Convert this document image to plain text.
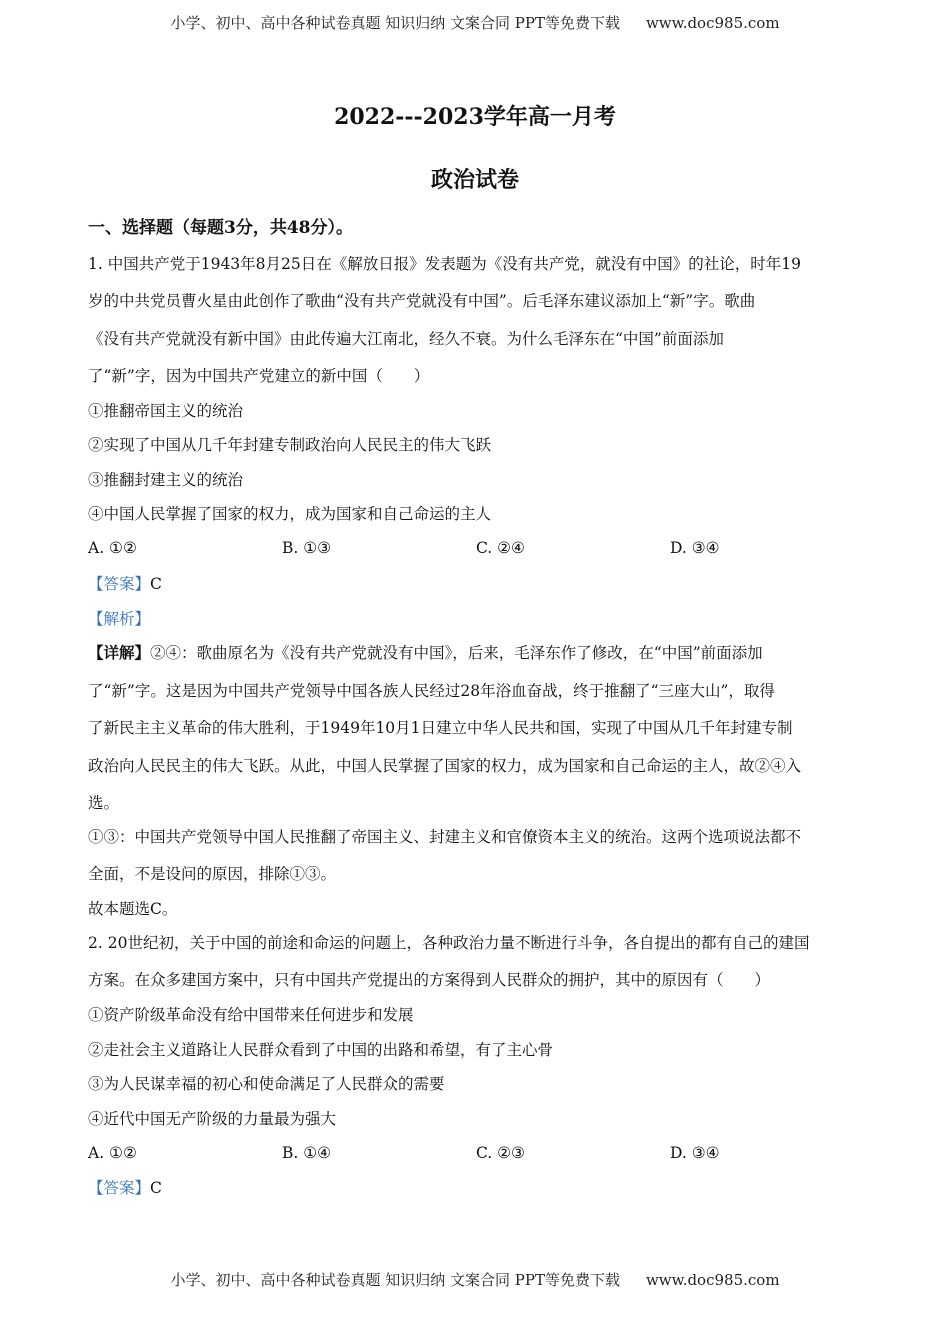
小学、初中、高中各种试卷真题 知识归纳 文案合同 PPT等免费下载 www.doc985.com
2022---2023学年高一月考
政治试卷
一、选择题（每题3分，共48分）。
1. 中国共产党于1943年8月25日在《解放日报》发表题为《没有共产党，就没有中国》的社论，时年19
岁的中共党员曹火星由此创作了歌曲“没有共产党就没有中国”。后毛泽东建议添加上“新”字。歌曲
《没有共产党就没有新中国》由此传遍大江南北，经久不衰。为什么毛泽东在“中国”前面添加
了“新”字，因为中国共产党建立的新中国（　　）
①推翻帝国主义的统治
②实现了中国从几千年封建专制政治向人民民主的伟大飞跃
③推翻封建主义的统治
④中国人民掌握了国家的权力，成为国家和自己命运的主人
A. ①②	B. ①③	C. ②④	D. ③④
【答案】C
【解析】
【详解】②④：歌曲原名为《没有共产党就没有中国》，后来，毛泽东作了修改，在“中国”前面添加
了“新”字。这是因为中国共产党领导中国各族人民经过28年浴血奋战，终于推翻了“三座大山”，取得
了新民主主义革命的伟大胜利，于1949年10月1日建立中华人民共和国，实现了中国从几千年封建专制
政治向人民民主的伟大飞跃。从此，中国人民掌握了国家的权力，成为国家和自己命运的主人，故②④入
选。
①③：中国共产党领导中国人民推翻了帝国主义、封建主义和官僚资本主义的统治。这两个选项说法都不
全面，不是设问的原因，排除①③。
故本题选C。
2. 20世纪初，关于中国的前途和命运的问题上，各种政治力量不断进行斗争，各自提出的都有自己的建国
方案。在众多建国方案中，只有中国共产党提出的方案得到人民群众的拥护，其中的原因有（　　）
①资产阶级革命没有给中国带来任何进步和发展
②走社会主义道路让人民群众看到了中国的出路和希望，有了主心骨
③为人民谋幸福的初心和使命满足了人民群众的需要
④近代中国无产阶级的力量最为强大
A. ①②	B. ①④	C. ②③	D. ③④
【答案】C
小学、初中、高中各种试卷真题 知识归纳 文案合同 PPT等免费下载 www.doc985.com
